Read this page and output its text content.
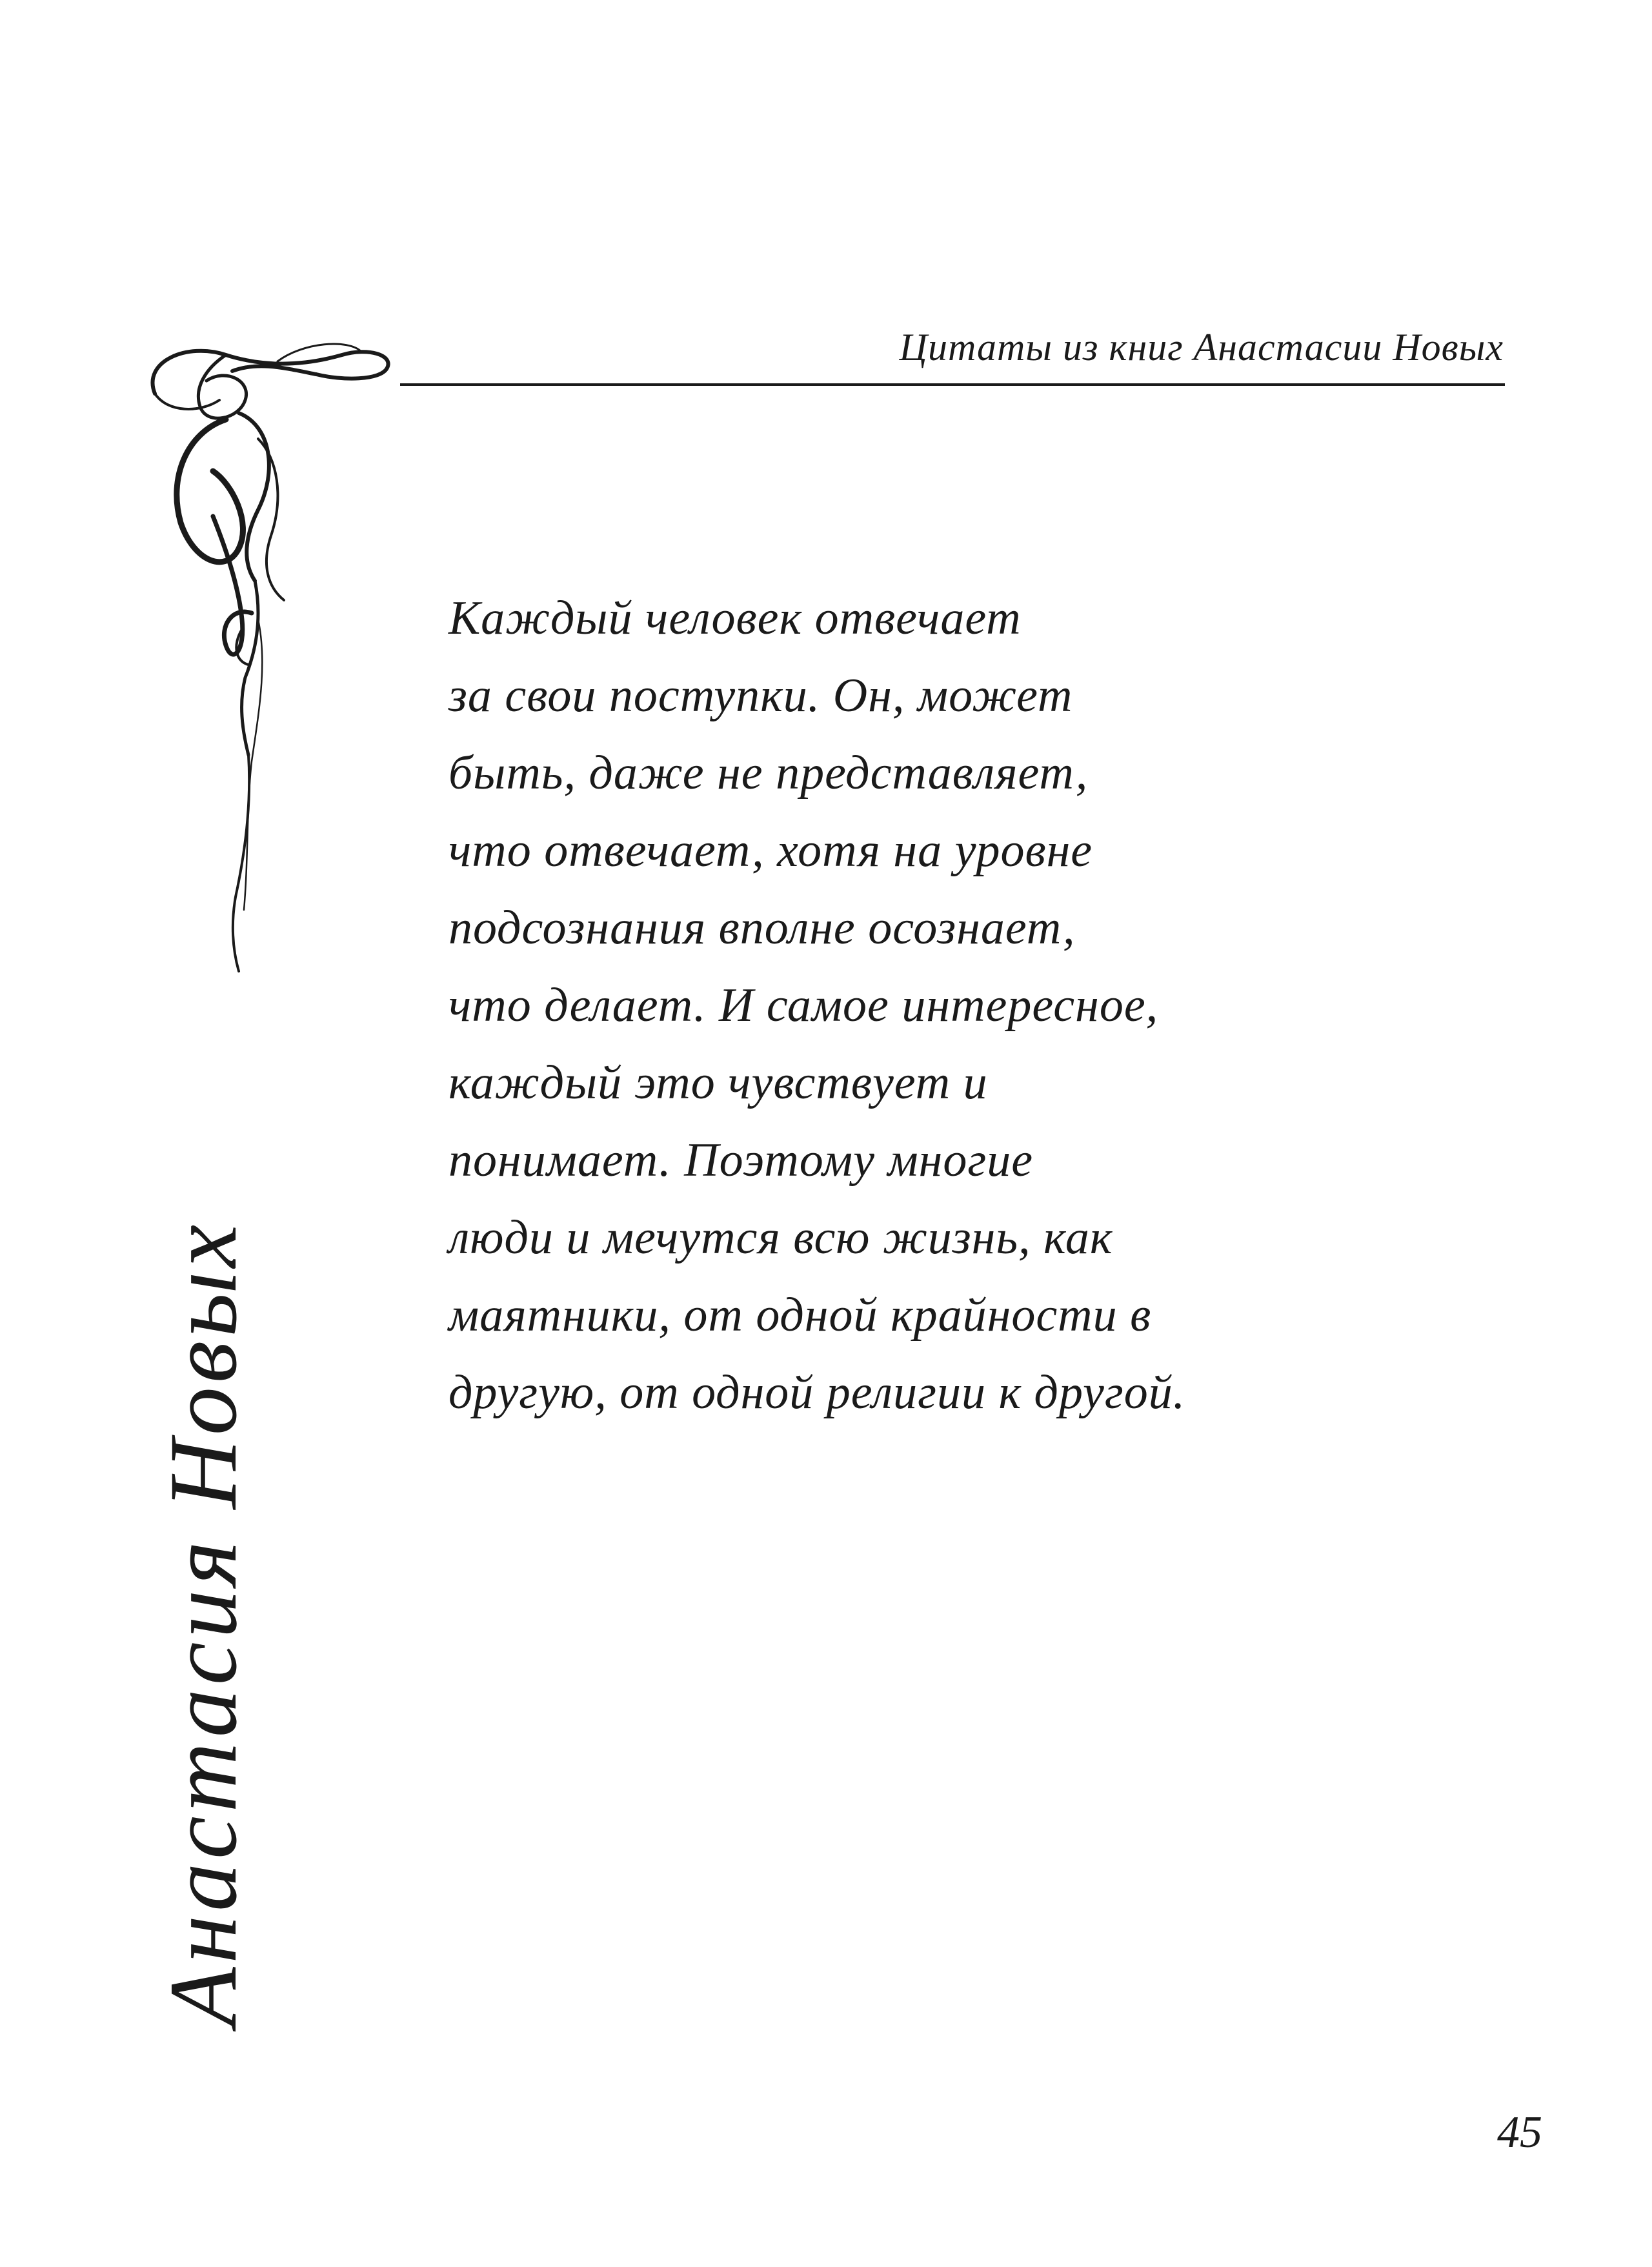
Цитаты из книг Анастасии Новых
Анастасия Новых

Каждый человек отвечает
за свои поступки. Он, может
быть, даже не представляет,
что отвечает, хотя на уровне
подсознания вполне осознает,
что делает. И самое интересное,
каждый это чувствует и
понимает. Поэтому многие
люди и мечутся всю жизнь, как
маятники, от одной крайности в
другую, от одной религии к другой.

45
